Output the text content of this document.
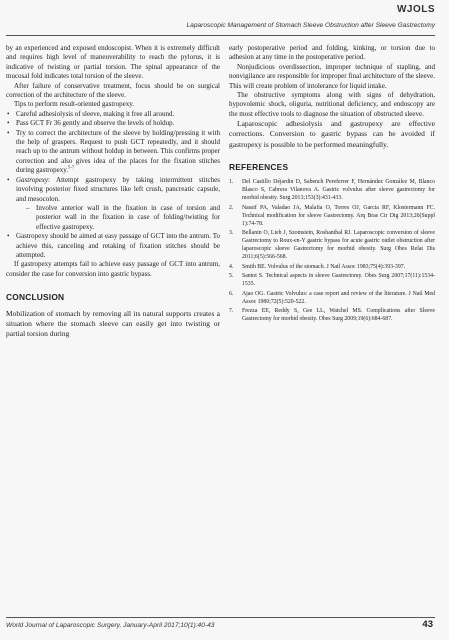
WJOLS
Laparoscopic Management of Stomach Sleeve Obstruction after Sleeve Gastrectomy

by an experienced and exposed endoscopist. When it is extremely difficult and requires high level of maneuverability to reach the pylorus, it is indicative of twisting or partial torsion. The spinal appearance of the mucosal fold indicates total torsion of the sleeve.

After failure of conservative treatment, focus should be on surgical correction of the architecture of the sleeve.

Tips to perform result-oriented gastropexy.

• Careful adhesiolysis of sleeve, making it free all around.
• Pass GCT Fr 36 gently and observe the levels of holdup.
• Try to correct the architecture of the sleeve by holding/pressing it with the help of graspers. Request to push GCT repeatedly, and it should reach up to the antrum without holdup in between. This confirms proper correction and also gives idea of the places for the fixation stitches during gastropexy.$^{5-7}$
• Gastropexy: Attempt gastropexy by taking intermittent stitches involving posterior fixed structures like left crush, pancreatic capsule, and mesocolon.
– Involve anterior wall in the fixation in case of torsion and posterior wall in the fixation in case of folding/twisting for effective gastropexy.
• Gastropexy should be aimed at easy passage of GCT into the antrum. To achieve this, canceling and retaking of fixation stitches should be attempted.

If gastropexy attempts fail to achieve easy passage of GCT into antrum, consider the case for conversion into gastric bypass.

CONCLUSION

Mobilization of stomach by removing all its natural supports creates a situation where the stomach sleeve can easily get into twisting or partial torsion during

early postoperative period and folding, kinking, or torsion due to adhesion at any time in the postoperative period.

Nonjudicious overdissection, improper technique of stapling, and nonvigilance are responsible for improper final architecture of the sleeve. This will create problem of intolerance for liquid intake.

The obstructive symptoms along with signs of dehydration, hypovolemic shock, oliguria, nutritional deficiency, and endoscopy are the most effective tools to diagnose the situation of obstructed sleeve.

Laparoscopic adhesiolysis and gastropexy are effective corrections. Conversion to gastric bypass can be avoided if gastropexy is possible to be performed meaningfully.

REFERENCES
1. Del Castillo Déjardin D, Sabench Pereferrer F, Hernández González M, Blanco Blasco S, Cabrera Vilanova A. Gastric volvulus after sleeve gastrectomy for morbid obesity. Surg 2013;153(3):431-433.
2. Nassif PA, Valadao JA, Malafia O, Torres OJ, Garcia RF, Klostermann FC. Technical modification for sleeve Gastrectomy. Arq Bras Cir Dig 2013;26(Suppl 1):74-78.
3. Bellanin O, Lieb J, Szomstein, Roshanthal RJ. Laparoscopic conversion of sleeve Gastrectomy to Roux-en-Y gastric bypass for acute gastric outlet obstruction after laparoscopic sleeve Gastrectomy for morbid obesity. Surg Obes Relat Dis 2011;6(5):566-568.
4. Smith BE. Volvulus of the stomach. J Natl Assoc 1983;75(4):393-397.
5. Santot S. Technical aspects in sleeve Gastrectomy. Obes Surg 2007;17(11):1534-1535.
6. Ajao OG. Gastric Volvulus: a case report and review of the literature. J Natl Med Assoc 1980;72(5):520-522.
7. Frezza EE, Reddy S, Gee LL, Watchel MS. Complications after Sleeve Gastrectomy for morbid obesity. Obes Surg 2009;19(6):684-687.
World Journal of Laparoscopic Surgery, January-April 2017;10(1):40-43	43
